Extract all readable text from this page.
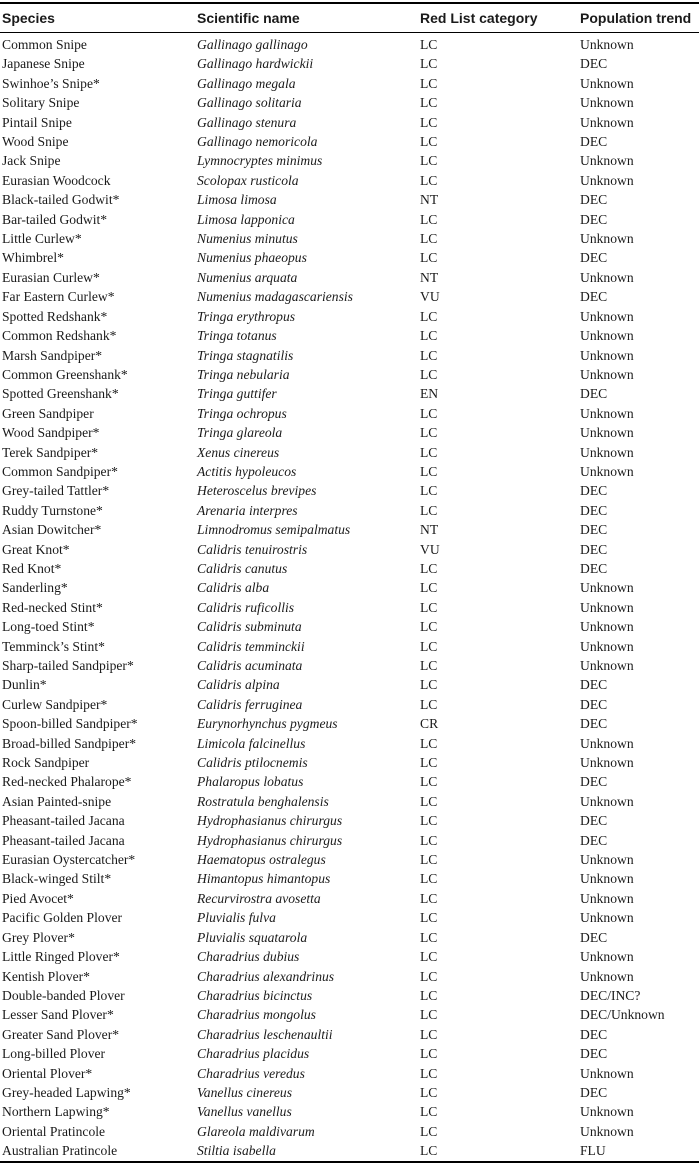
Species	Scientific name	Red List category	Population trend
Common Snipe	Gallinago gallinago	LC	Unknown
Japanese Snipe	Gallinago hardwickii	LC	DEC
Swinhoe’s Snipe*	Gallinago megala	LC	Unknown
Solitary Snipe	Gallinago solitaria	LC	Unknown
Pintail Snipe	Gallinago stenura	LC	Unknown
Wood Snipe	Gallinago nemoricola	LC	DEC
Jack Snipe	Lymnocryptes minimus	LC	Unknown
Eurasian Woodcock	Scolopax rusticola	LC	Unknown
Black-tailed Godwit*	Limosa limosa	NT	DEC
Bar-tailed Godwit*	Limosa lapponica	LC	DEC
Little Curlew*	Numenius minutus	LC	Unknown
Whimbrel*	Numenius phaeopus	LC	DEC
Eurasian Curlew*	Numenius arquata	NT	Unknown
Far Eastern Curlew*	Numenius madagascariensis	VU	DEC
Spotted Redshank*	Tringa erythropus	LC	Unknown
Common Redshank*	Tringa totanus	LC	Unknown
Marsh Sandpiper*	Tringa stagnatilis	LC	Unknown
Common Greenshank*	Tringa nebularia	LC	Unknown
Spotted Greenshank*	Tringa guttifer	EN	DEC
Green Sandpiper	Tringa ochropus	LC	Unknown
Wood Sandpiper*	Tringa glareola	LC	Unknown
Terek Sandpiper*	Xenus cinereus	LC	Unknown
Common Sandpiper*	Actitis hypoleucos	LC	Unknown
Grey-tailed Tattler*	Heteroscelus brevipes	LC	DEC
Ruddy Turnstone*	Arenaria interpres	LC	DEC
Asian Dowitcher*	Limnodromus semipalmatus	NT	DEC
Great Knot*	Calidris tenuirostris	VU	DEC
Red Knot*	Calidris canutus	LC	DEC
Sanderling*	Calidris alba	LC	Unknown
Red-necked Stint*	Calidris ruficollis	LC	Unknown
Long-toed Stint*	Calidris subminuta	LC	Unknown
Temminck’s Stint*	Calidris temminckii	LC	Unknown
Sharp-tailed Sandpiper*	Calidris acuminata	LC	Unknown
Dunlin*	Calidris alpina	LC	DEC
Curlew Sandpiper*	Calidris ferruginea	LC	DEC
Spoon-billed Sandpiper*	Eurynorhynchus pygmeus	CR	DEC
Broad-billed Sandpiper*	Limicola falcinellus	LC	Unknown
Rock Sandpiper	Calidris ptilocnemis	LC	Unknown
Red-necked Phalarope*	Phalaropus lobatus	LC	DEC
Asian Painted-snipe	Rostratula benghalensis	LC	Unknown
Pheasant-tailed Jacana	Hydrophasianus chirurgus	LC	DEC
Pheasant-tailed Jacana	Hydrophasianus chirurgus	LC	DEC
Eurasian Oystercatcher*	Haematopus ostralegus	LC	Unknown
Black-winged Stilt*	Himantopus himantopus	LC	Unknown
Pied Avocet*	Recurvirostra avosetta	LC	Unknown
Pacific Golden Plover	Pluvialis fulva	LC	Unknown
Grey Plover*	Pluvialis squatarola	LC	DEC
Little Ringed Plover*	Charadrius dubius	LC	Unknown
Kentish Plover*	Charadrius alexandrinus	LC	Unknown
Double-banded Plover	Charadrius bicinctus	LC	DEC/INC?
Lesser Sand Plover*	Charadrius mongolus	LC	DEC/Unknown
Greater Sand Plover*	Charadrius leschenaultii	LC	DEC
Long-billed Plover	Charadrius placidus	LC	DEC
Oriental Plover*	Charadrius veredus	LC	Unknown
Grey-headed Lapwing*	Vanellus cinereus	LC	DEC
Northern Lapwing*	Vanellus vanellus	LC	Unknown
Oriental Pratincole	Glareola maldivarum	LC	Unknown
Australian Pratincole	Stiltia isabella	LC	FLU
